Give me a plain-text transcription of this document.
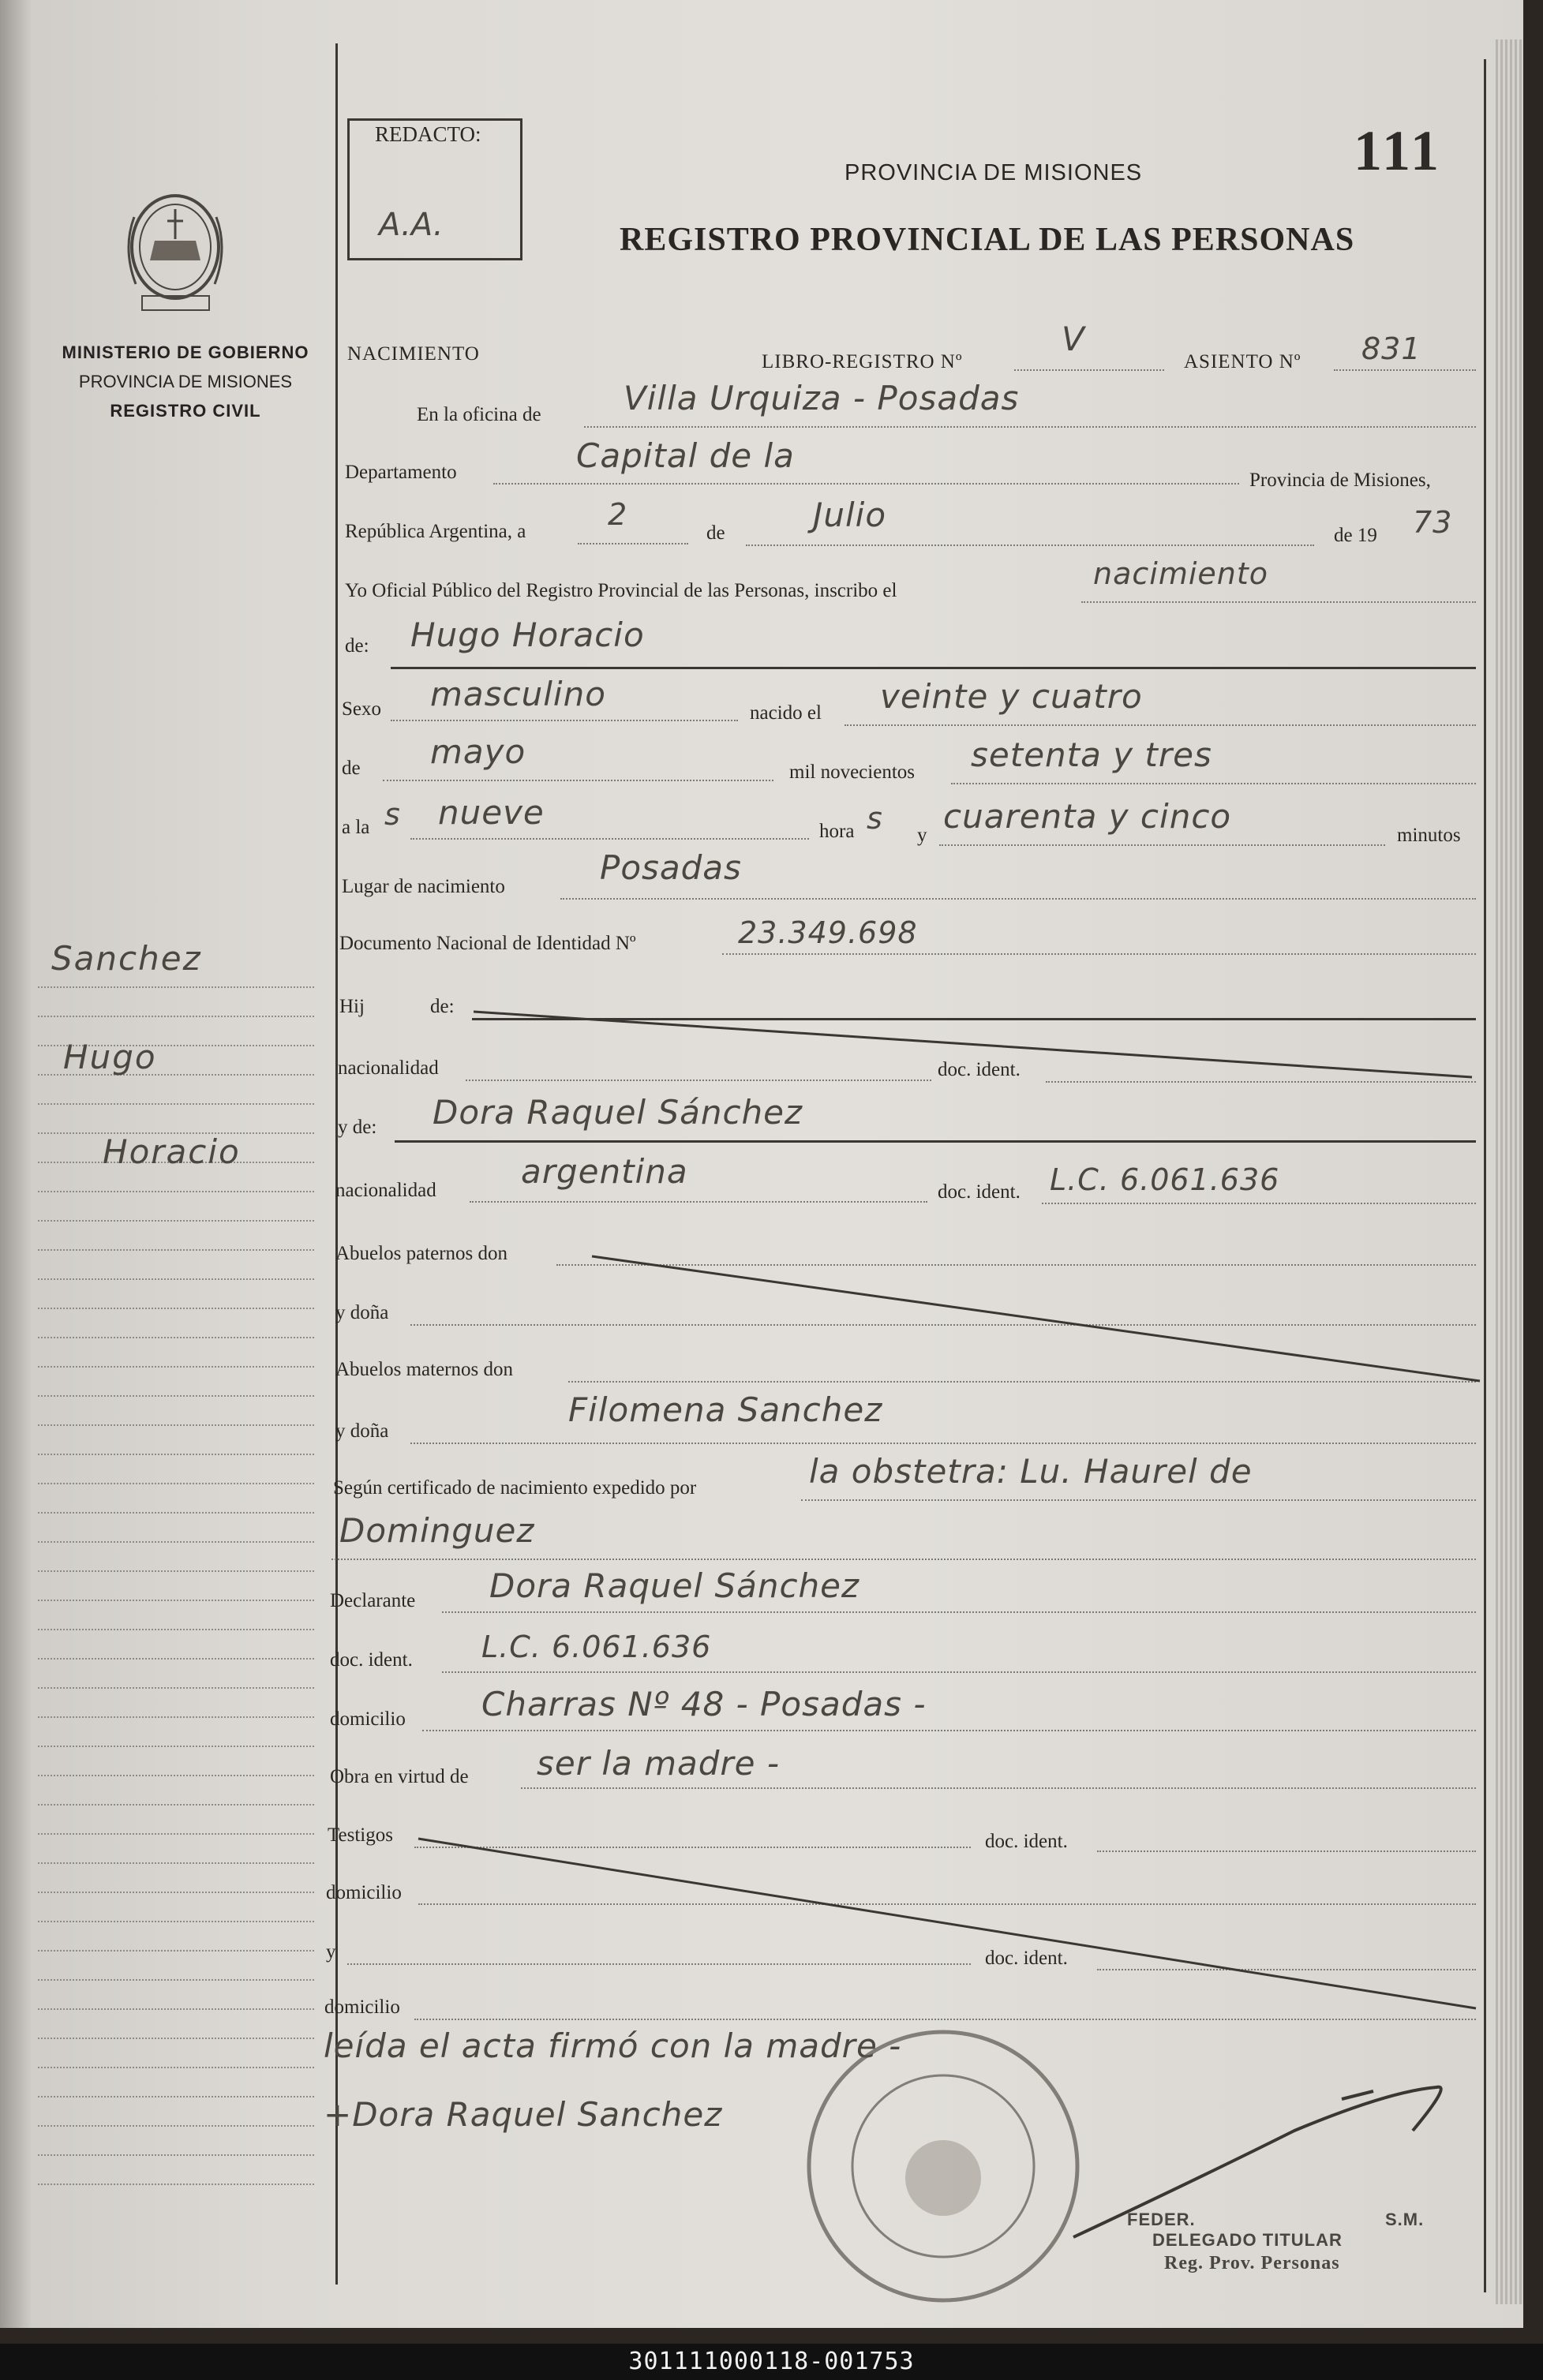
MINISTERIO DE GOBIERNO
PROVINCIA DE MISIONES
REGISTRO CIVIL
Sanchez
Hugo
Horacio
REDACTO:
A.A.
PROVINCIA DE MISIONES
REGISTRO PROVINCIAL DE LAS PERSONAS
111
NACIMIENTO	LIBRO-REGISTRO Nº
V
ASIENTO Nº 831
En la oficina de Villa Urquiza - Posadas
Departamento	Capital de la
Provincia de Misiones,
República Argentina, a	2
de	Julio
de 19 73
Yo Oficial Público del Registro Provincial de las Personas, inscribo el	nacimiento
de: Hugo Horacio
Sexo masculino	nacido el veinte y cuatro
de mayo
mil novecientos setenta y tres
a la s nueve	hora s y cuarenta y cinco	minutos
Lugar de nacimiento	Posadas
Documento Nacional de Identidad Nº	23.349.698
Hij	de:
nacionalidad	doc. ident.
y de: Dora Raquel Sánchez
nacionalidad	argentina
doc. ident. L.C. 6.061.636
Abuelos paternos don
y doña
Abuelos maternos don
y doña
Filomena Sanchez
Según certificado de nacimiento expedido por	la obstetra: Lu. Haurel de
Dominguez
Declarante Dora Raquel Sánchez
doc. ident. L.C. 6.061.636
domicilio Charras Nº 48 - Posadas -
Obra en virtud de ser la madre -
Testigos	doc. ident.
domicilio
y	doc. ident.
domicilio
leída el acta firmó con la madre -
+Dora Raquel Sanchez
FEDER.	S.M.
DELEGADO TITULAR
Reg. Prov. Personas
301111000118-001753
